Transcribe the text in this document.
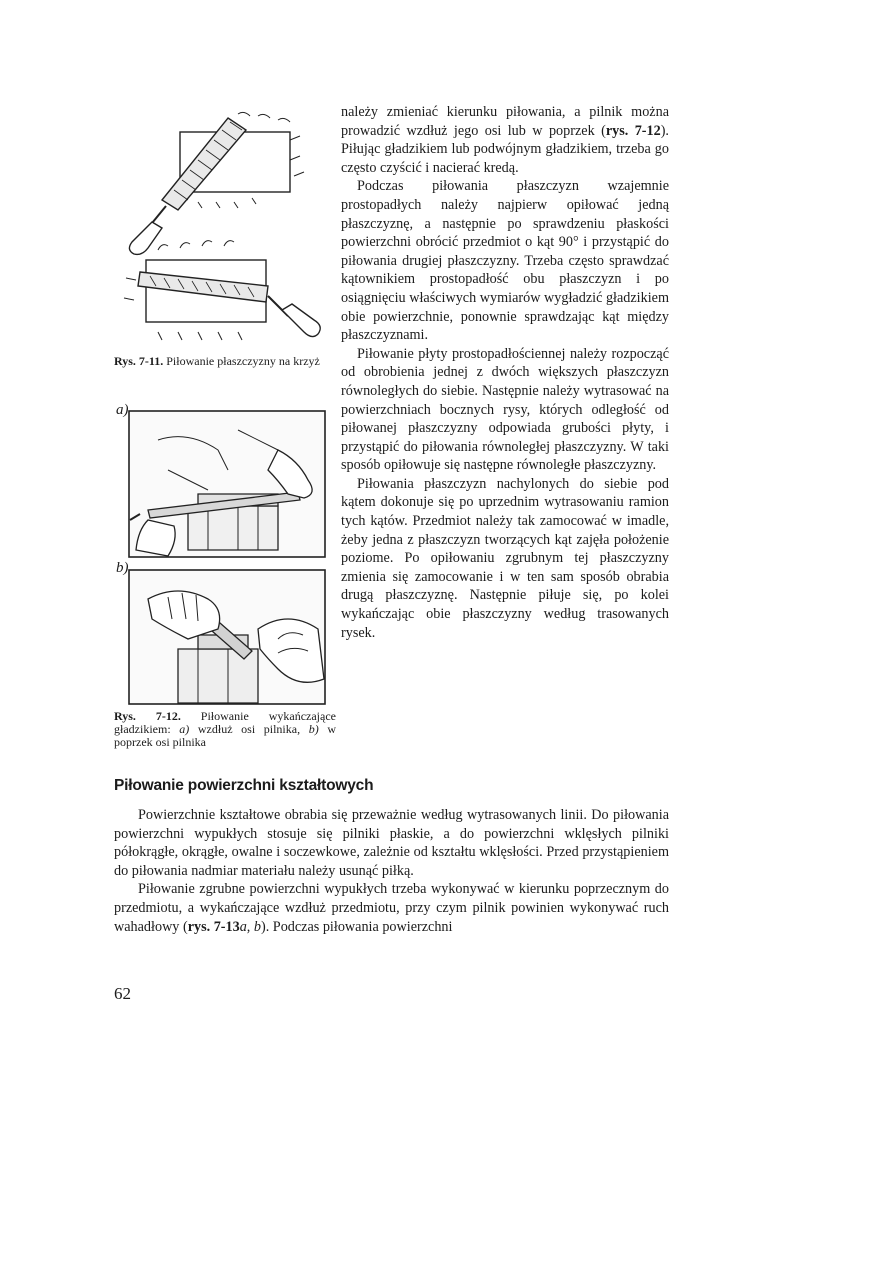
Rys. 7-11. Piłowanie płaszczyzny na krzyż

a)
b)

Rys. 7-12. Piłowanie wykańczające gładzikiem: a) wzdłuż osi pilnika, b) w poprzek osi pilnika

należy zmieniać kierunku piłowania, a pilnik można prowadzić wzdłuż jego osi lub w poprzek (rys. 7-12). Piłując gładzikiem lub podwójnym gładzikiem, trzeba go często czyścić i nacierać kredą.

Podczas piłowania płaszczyzn wzajemnie prostopadłych należy najpierw opiłować jedną płaszczyznę, a następnie po sprawdzeniu płaskości powierzchni obrócić przedmiot o kąt 90° i przystąpić do piłowania drugiej płaszczyzny. Trzeba często sprawdzać kątownikiem prostopadłość obu płaszczyzn i po osiągnięciu właściwych wymiarów wygładzić gładzikiem obie powierzchnie, ponownie sprawdzając kąt między płaszczyznami.

Piłowanie płyty prostopadłościennej należy rozpocząć od obrobienia jednej z dwóch większych płaszczyzn równoległych do siebie. Następnie należy wytrasować na powierzchniach bocznych rysy, których odległość od piłowanej płaszczyzny odpowiada grubości płyty, i przystąpić do piłowania równoległej płaszczyzny. W taki sposób opiłowuje się następne równoległe płaszczyzny.

Piłowania płaszczyzn nachylonych do siebie pod kątem dokonuje się po uprzednim wytrasowaniu ramion tych kątów. Przedmiot należy tak zamocować w imadle, żeby jedna z płaszczyzn tworzących kąt zajęła położenie poziome. Po opiłowaniu zgrubnym tej płaszczyzny zmienia się zamocowanie i w ten sam sposób obrabia drugą płaszczyznę. Następnie piłuje się, po kolei wykańczając obie płaszczyzny według trasowanych rysek.

Piłowanie powierzchni kształtowych

Powierzchnie kształtowe obrabia się przeważnie według wytrasowanych linii. Do piłowania powierzchni wypukłych stosuje się pilniki płaskie, a do powierzchni wklęsłych pilniki półokrągłe, okrągłe, owalne i soczewkowe, zależnie od kształtu wklęsłości. Przed przystąpieniem do piłowania nadmiar materiału należy usunąć piłką.

Piłowanie zgrubne powierzchni wypukłych trzeba wykonywać w kierunku poprzecznym do przedmiotu, a wykańczające wzdłuż przedmiotu, przy czym pilnik powinien wykonywać ruch wahadłowy (rys. 7-13a, b). Podczas piłowania powierzchni

62
